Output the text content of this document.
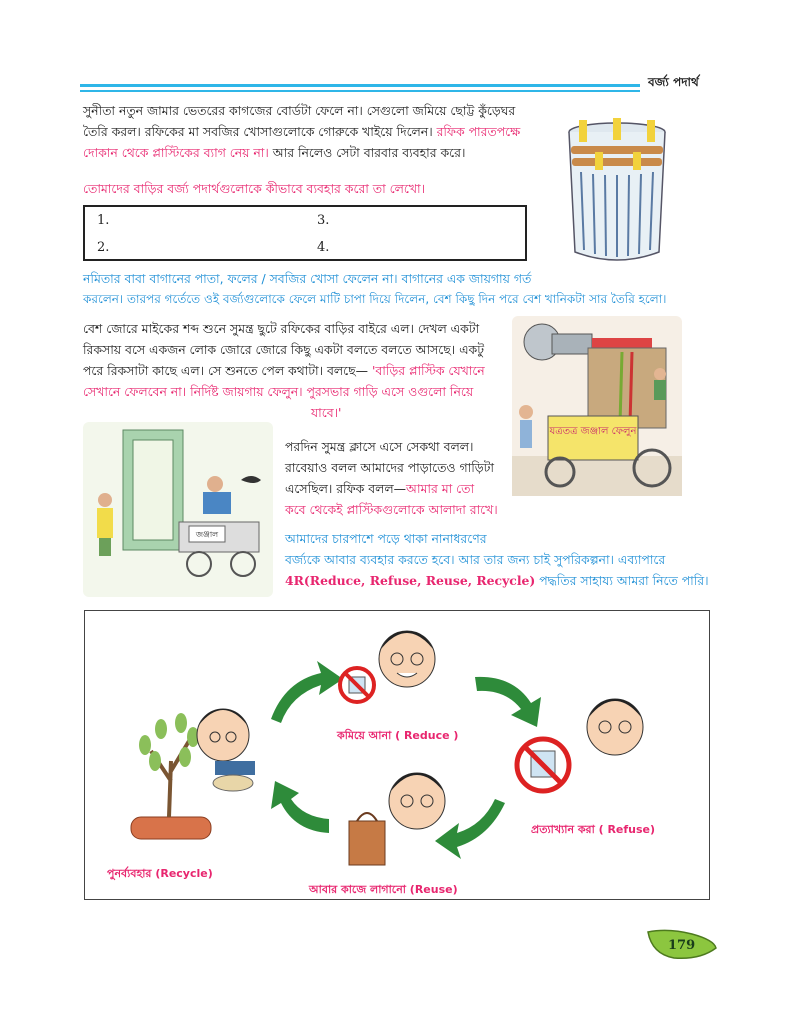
বর্জ্য পদার্থ
সুনীতা নতুন জামার ভেতরের কাগজের বোর্ডটা ফেলে না। সেগুলো জমিয়ে ছোট্ট কুঁড়েঘর
তৈরি করল। রফিকের মা সবজির খোসাগুলোকে গোরুকে খাইয়ে দিলেন। রফিক পারতপক্ষে
দোকান থেকে প্লাস্টিকের ব্যাগ নেয় না। আর নিলেও সেটা বারবার ব্যবহার করে।
তোমাদের বাড়ির বর্জ্য পদার্থগুলোকে কীভাবে ব্যবহার করো তা লেখো।
1.	3.
2.	4.
নমিতার বাবা বাগানের পাতা, ফলের / সবজির খোসা ফেলেন না। বাগানের এক জায়গায় গর্ত
করলেন। তারপর গর্তেতে ওই বর্জ্যগুলোকে ফেলে মাটি চাপা দিয়ে দিলেন, বেশ কিছু দিন পরে বেশ খানিকটা সার তৈরি হলো।
বেশ জোরে মাইকের শব্দ শুনে সুমন্ত্র ছুটে রফিকের বাড়ির বাইরে এল। দেখল একটা
রিকসায় বসে একজন লোক জোরে জোরে কিছু একটা বলতে বলতে আসছে। একটু
পরে রিকসাটা কাছে এল। সে শুনতে পেল কথাটা। বলছে— 'বাড়ির প্লাস্টিক যেখানে
সেখানে ফেলবেন না। নির্দিষ্ট জায়গায় ফেলুন। পুরসভার গাড়ি এসে ওগুলো নিয়ে
যাবে।'
যত্রতত্র জঞ্জাল ফেলুন
জঞ্জাল
পরদিন সুমন্ত্র ক্লাসে এসে সেকথা বলল।
রাবেয়াও বলল আমাদের পাড়াতেও গাড়িটা
এসেছিল। রফিক বলল—আমার মা তো
কবে থেকেই প্লাস্টিকগুলোকে আলাদা রাখে।
আমাদের চারপাশে পড়ে থাকা নানাধরণের
বর্জ্যকে আবার ব্যবহার করতে হবে। আর তার জন্য চাই সুপরিকল্পনা। এব্যাপারে
4R(Reduce, Refuse, Reuse, Recycle) পদ্ধতির সাহায্য আমরা নিতে পারি।
কমিয়ে আনা ( Reduce )
প্রত্যাখ্যান করা ( Refuse)
আবার কাজে লাগানো (Reuse)
পুনর্ব্যবহার (Recycle)
179
